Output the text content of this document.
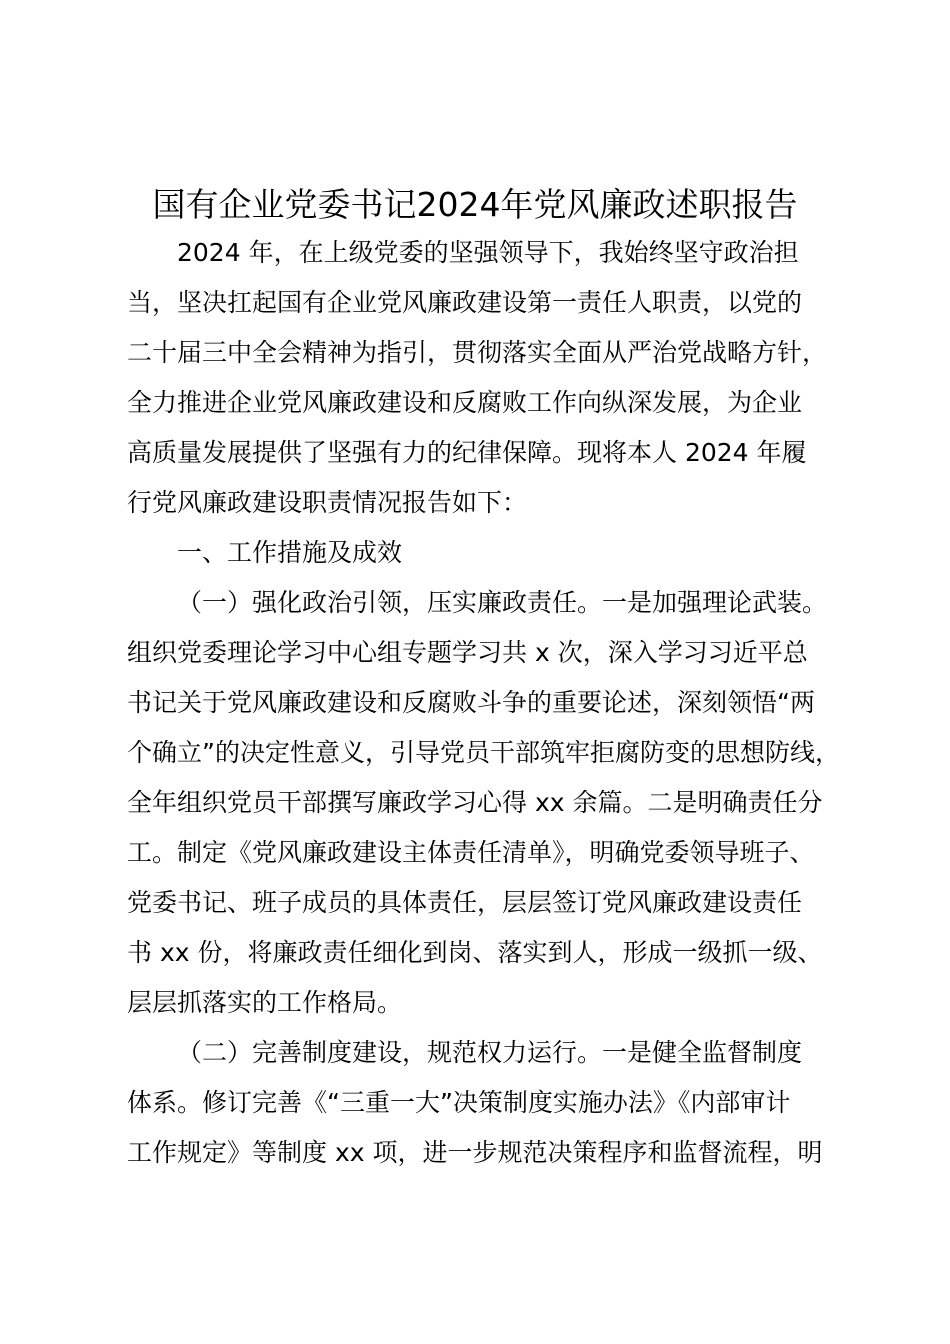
国有企业党委书记2024年党风廉政述职报告
2024 年，在上级党委的坚强领导下，我始终坚守政治担
当，坚决扛起国有企业党风廉政建设第一责任人职责，以党的
二十届三中全会精神为指引，贯彻落实全面从严治党战略方针，
全力推进企业党风廉政建设和反腐败工作向纵深发展，为企业
高质量发展提供了坚强有力的纪律保障。现将本人 2024 年履
行党风廉政建设职责情况报告如下：
一、工作措施及成效
（一）强化政治引领，压实廉政责任。一是加强理论武装。
组织党委理论学习中心组专题学习共 x 次，深入学习习近平总
书记关于党风廉政建设和反腐败斗争的重要论述，深刻领悟“两
个确立”的决定性意义，引导党员干部筑牢拒腐防变的思想防线，
全年组织党员干部撰写廉政学习心得 xx 余篇。二是明确责任分
工。制定《党风廉政建设主体责任清单》，明确党委领导班子、
党委书记、班子成员的具体责任，层层签订党风廉政建设责任
书 xx 份，将廉政责任细化到岗、落实到人，形成一级抓一级、
层层抓落实的工作格局。
（二）完善制度建设，规范权力运行。一是健全监督制度
体系。修订完善《“三重一大”决策制度实施办法》《内部审计
工作规定》等制度 xx 项，进一步规范决策程序和监督流程，明
